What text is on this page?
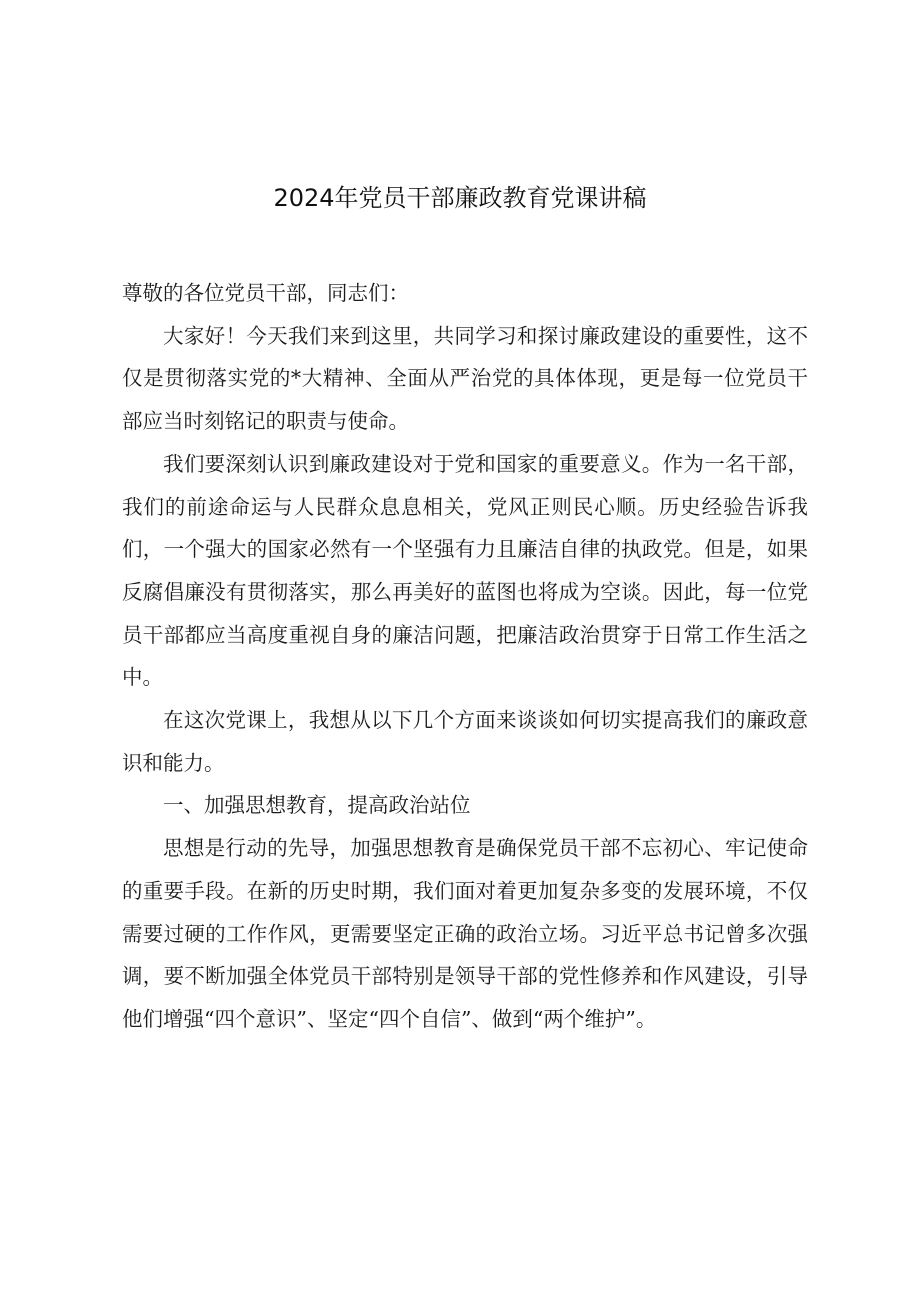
2024年党员干部廉政教育党课讲稿

尊敬的各位党员干部，同志们：

大家好！今天我们来到这里，共同学习和探讨廉政建设的重要性，这不仅是贯彻落实党的*大精神、全面从严治党的具体体现，更是每一位党员干部应当时刻铭记的职责与使命。

我们要深刻认识到廉政建设对于党和国家的重要意义。作为一名干部，我们的前途命运与人民群众息息相关，党风正则民心顺。历史经验告诉我们，一个强大的国家必然有一个坚强有力且廉洁自律的执政党。但是，如果反腐倡廉没有贯彻落实，那么再美好的蓝图也将成为空谈。因此，每一位党员干部都应当高度重视自身的廉洁问题，把廉洁政治贯穿于日常工作生活之中。

在这次党课上，我想从以下几个方面来谈谈如何切实提高我们的廉政意识和能力。

一、加强思想教育，提高政治站位

思想是行动的先导，加强思想教育是确保党员干部不忘初心、牢记使命的重要手段。在新的历史时期，我们面对着更加复杂多变的发展环境，不仅需要过硬的工作作风，更需要坚定正确的政治立场。习近平总书记曾多次强调，要不断加强全体党员干部特别是领导干部的党性修养和作风建设，引导他们增强“四个意识”、坚定“四个自信”、做到“两个维护”。
